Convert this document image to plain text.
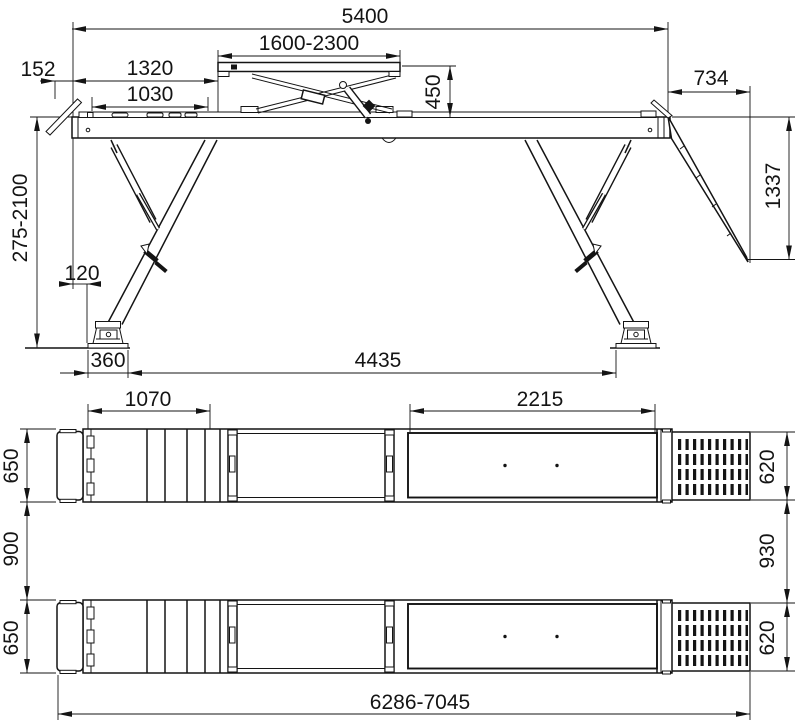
5400
1600-2300
152	1320
1030	450	734
1337
275-2100
120
360	4435
1070	2215
650
900
650
620
930
620
6286-7045
